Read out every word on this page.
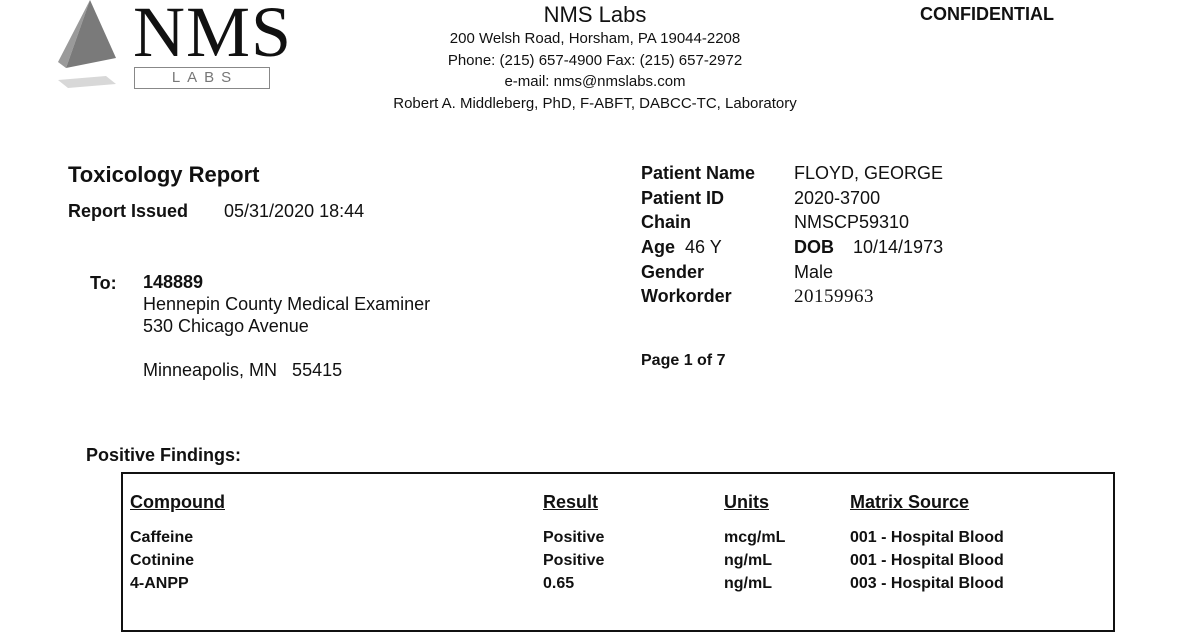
NMS
LABS
NMS Labs
200 Welsh Road, Horsham, PA 19044-2208
Phone: (215) 657-4900 Fax: (215) 657-2972
e-mail: nms@nmslabs.com
Robert A. Middleberg, PhD, F-ABFT, DABCC-TC, Laboratory
CONFIDENTIAL
Toxicology Report
Report Issued 05/31/2020 18:44
To: 148889
Hennepin County Medical Examiner
530 Chicago Avenue
Minneapolis, MN   55415
Patient Name FLOYD, GEORGE
Patient ID	2020-3700
Chain	NMSCP59310
Age 46 Y	DOB 10/14/1973
Gender	Male
Workorder	20159963
Page 1 of 7
Positive Findings:
Compound	Result	Units	Matrix Source
Caffeine	Positive	mcg/mL	001 - Hospital Blood
Cotinine	Positive	ng/mL	001 - Hospital Blood
4-ANPP	0.65	ng/mL	003 - Hospital Blood
